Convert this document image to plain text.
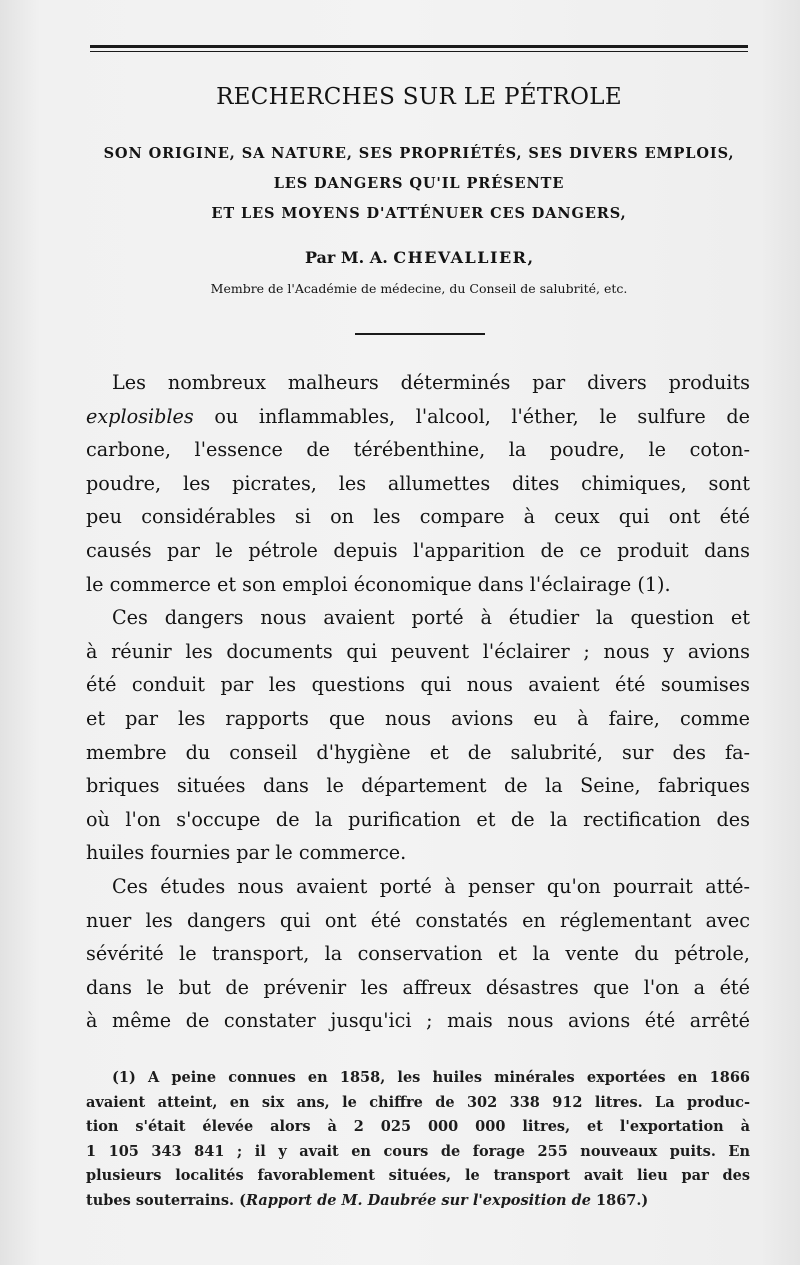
RECHERCHES SUR LE PÉTROLE
SON ORIGINE, SA NATURE, SES PROPRIÉTÉS, SES DIVERS EMPLOIS,
LES DANGERS QU'IL PRÉSENTE
ET LES MOYENS D'ATTÉNUER CES DANGERS,
Par M. A. CHEVALLIER,
Membre de l'Académie de médecine, du Conseil de salubrité, etc.

Les nombreux malheurs déterminés par divers produits

explosibles ou inflammables, l'alcool, l'éther, le sulfure de

carbone, l'essence de térébenthine, la poudre, le coton-

poudre, les picrates, les allumettes dites chimiques, sont

peu considérables si on les compare à ceux qui ont été

causés par le pétrole depuis l'apparition de ce produit dans

le commerce et son emploi économique dans l'éclairage (1).

Ces dangers nous avaient porté à étudier la question et

à réunir les documents qui peuvent l'éclairer ; nous y avions

été conduit par les questions qui nous avaient été soumises

et par les rapports que nous avions eu à faire, comme

membre du conseil d'hygiène et de salubrité, sur des fa-

briques situées dans le département de la Seine, fabriques

où l'on s'occupe de la purification et de la rectification des

huiles fournies par le commerce.

Ces études nous avaient porté à penser qu'on pourrait atté-

nuer les dangers qui ont été constatés en réglementant avec

sévérité le transport, la conservation et la vente du pétrole,

dans le but de prévenir les affreux désastres que l'on a été

à même de constater jusqu'ici ; mais nous avions été arrêté

(1) A peine connues en 1858, les huiles minérales exportées en 1866

avaient atteint, en six ans, le chiffre de 302 338 912 litres. La produc-

tion s'était élevée alors à 2 025 000 000 litres, et l'exportation à

1 105 343 841 ; il y avait en cours de forage 255 nouveaux puits. En

plusieurs localités favorablement situées, le transport avait lieu par des

tubes souterrains. (Rapport de M. Daubrée sur l'exposition de 1867.)
